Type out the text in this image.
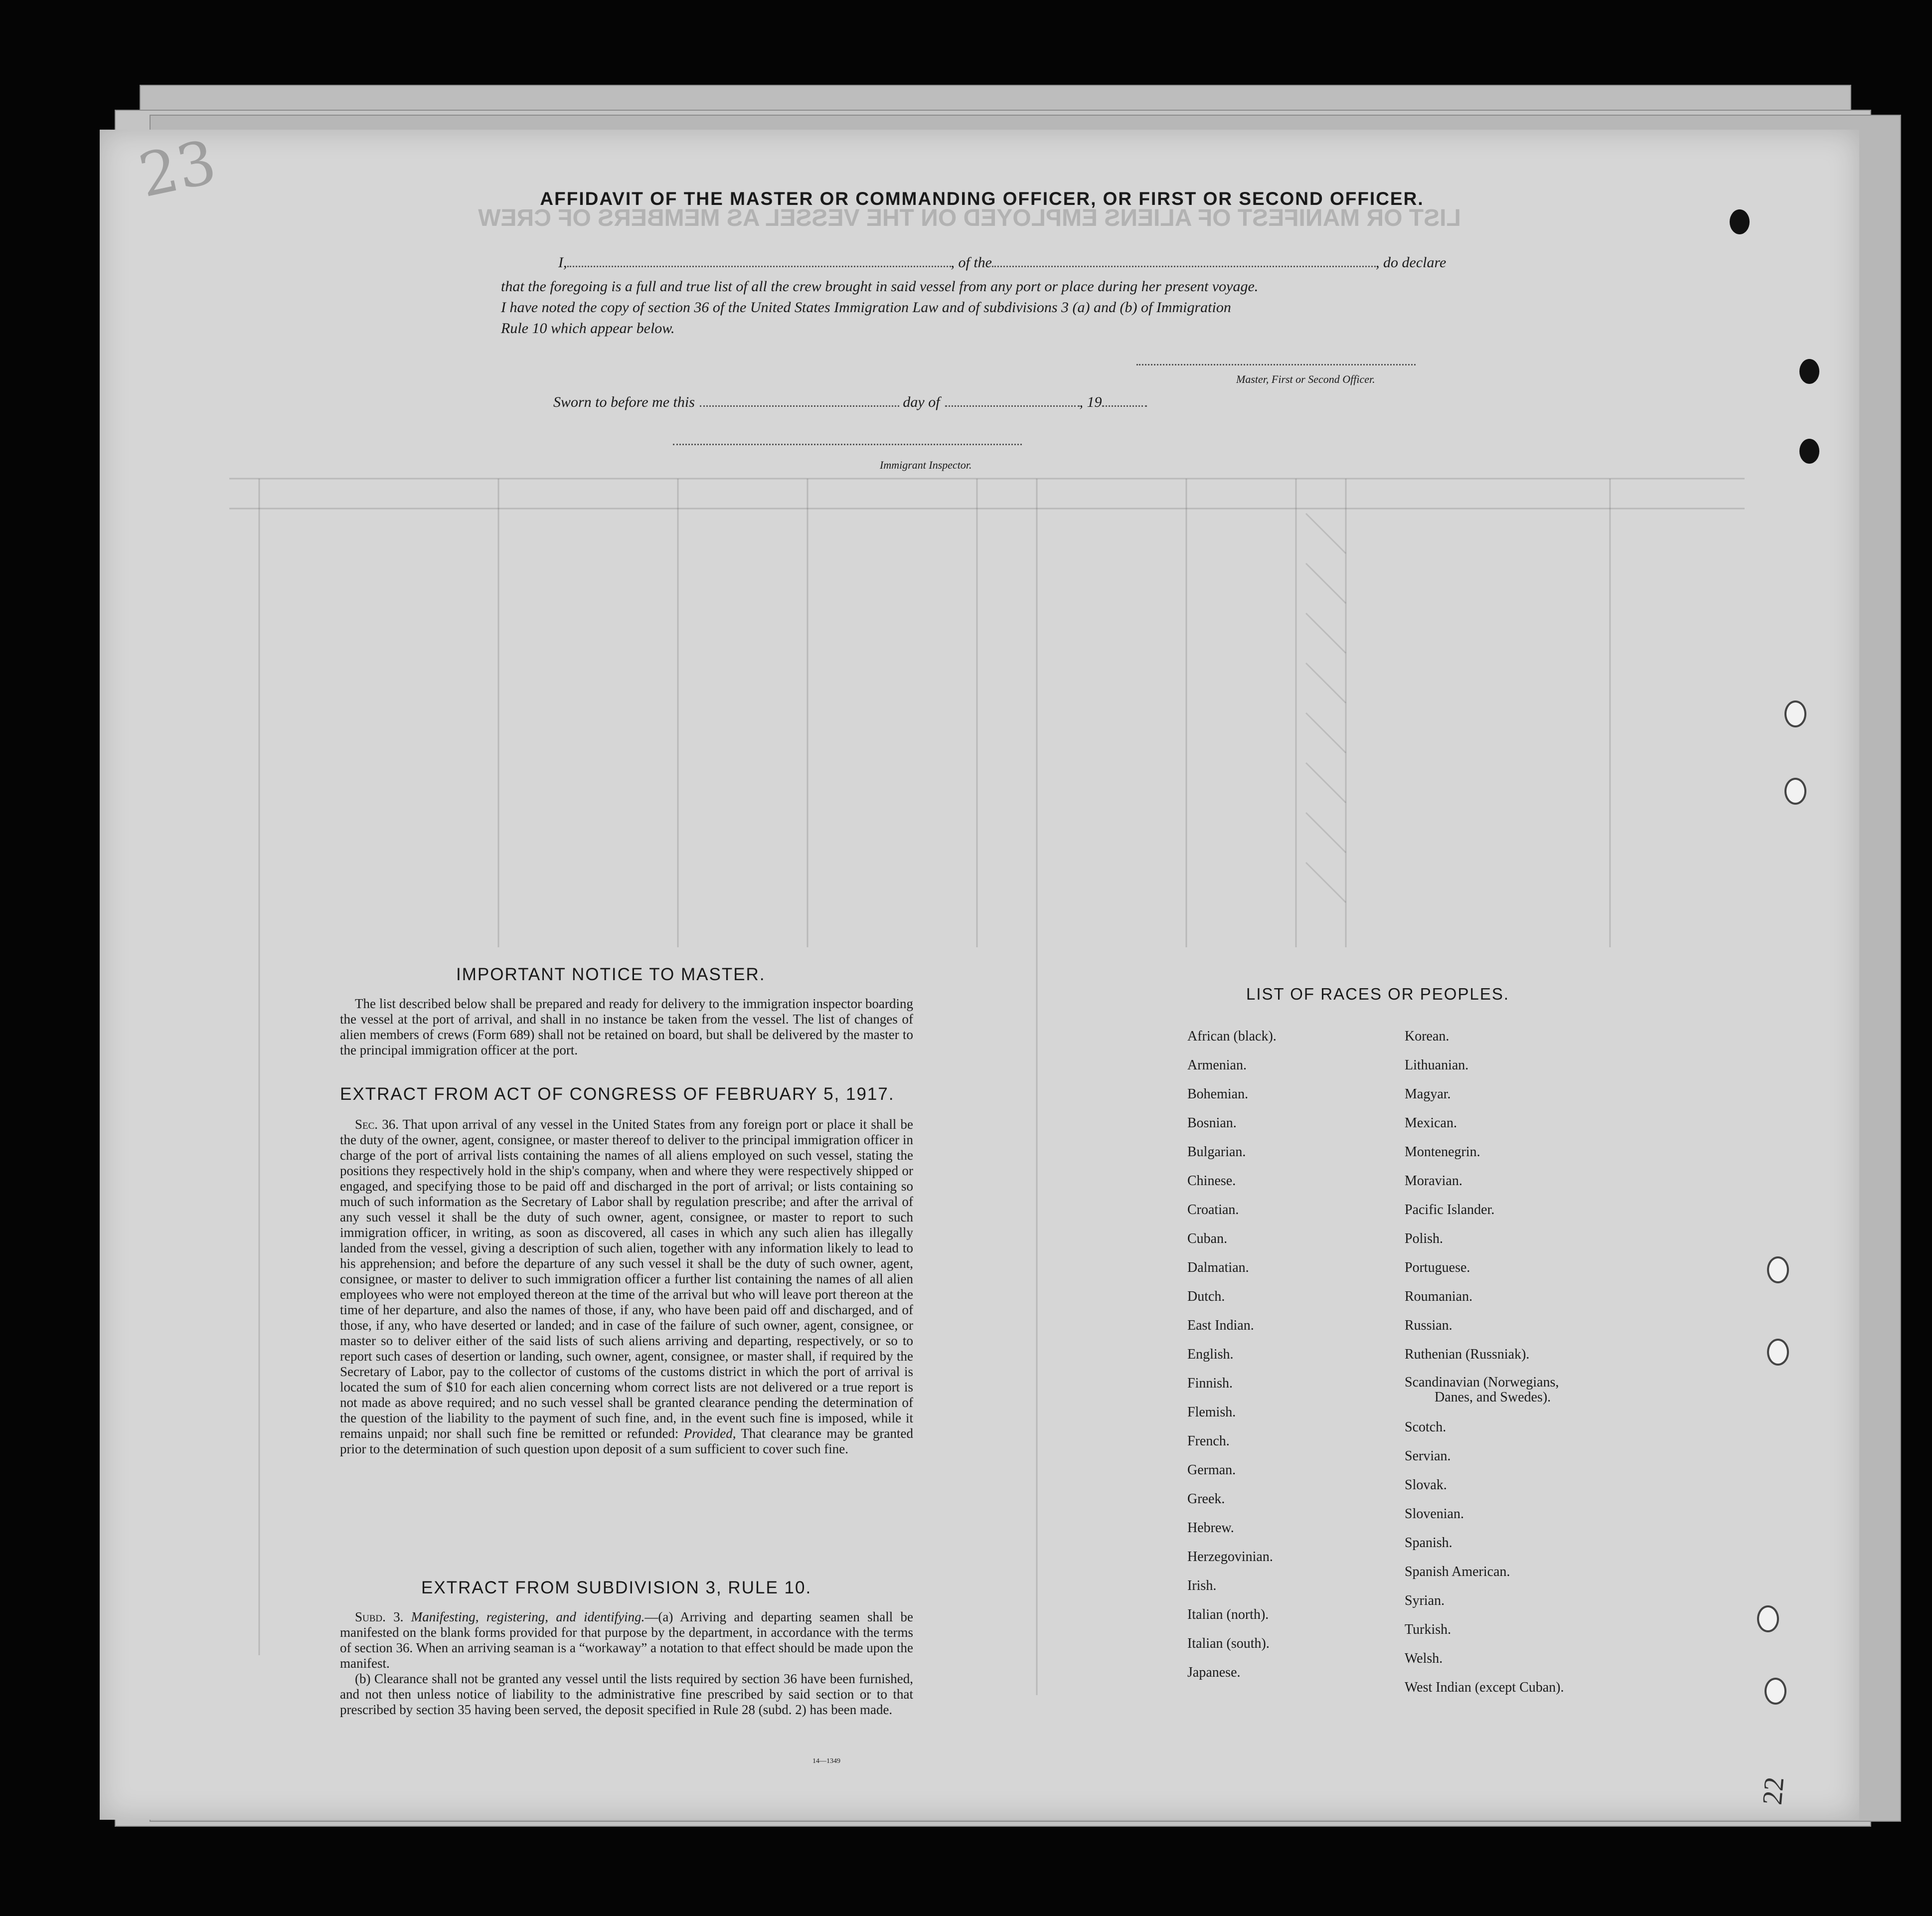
LIST OR MANIFEST OF ALIENS EMPLOYED ON THE VESSEL AS MEMBERS OF CREW
23
22
AFFIDAVIT OF THE MASTER OR COMMANDING OFFICER, OR FIRST OR SECOND OFFICER.
I,	, of the	, do declare
that the foregoing is a full and true list of all the crew brought in said vessel from any port or place during her present voyage.
I have noted the copy of section 36 of the United States Immigration Law and of subdivisions 3 (a) and (b) of Immigration
Rule 10 which appear below.
Master, First or Second Officer.
Sworn to before me this	day of	, 19
Immigrant Inspector.
IMPORTANT NOTICE TO MASTER.
The list described below shall be prepared and ready for delivery to the immigration inspector boarding the vessel at the port of arrival, and shall in no instance be taken from the vessel. The list of changes of alien members of crews (Form 689) shall not be retained on board, but shall be delivered by the master to the principal immigration officer at the port.
EXTRACT FROM ACT OF CONGRESS OF FEBRUARY 5, 1917.
Sec. 36. That upon arrival of any vessel in the United States from any foreign port or place it shall be the duty of the owner, agent, consignee, or master thereof to deliver to the principal immigration officer in charge of the port of arrival lists containing the names of all aliens employed on such vessel, stating the positions they respectively hold in the ship's company, when and where they were respectively shipped or engaged, and specifying those to be paid off and discharged in the port of arrival; or lists containing so much of such information as the Secretary of Labor shall by regulation prescribe; and after the arrival of any such vessel it shall be the duty of such owner, agent, consignee, or master to report to such immigration officer, in writing, as soon as discovered, all cases in which any such alien has illegally landed from the vessel, giving a description of such alien, together with any information likely to lead to his apprehension; and before the departure of any such vessel it shall be the duty of such owner, agent, consignee, or master to deliver to such immigration officer a further list containing the names of all alien employees who were not employed thereon at the time of the arrival but who will leave port thereon at the time of her departure, and also the names of those, if any, who have been paid off and discharged, and of those, if any, who have deserted or landed; and in case of the failure of such owner, agent, consignee, or master so to deliver either of the said lists of such aliens arriving and departing, respectively, or so to report such cases of desertion or landing, such owner, agent, consignee, or master shall, if required by the Secretary of Labor, pay to the collector of customs of the customs district in which the port of arrival is located the sum of $10 for each alien concerning whom correct lists are not delivered or a true report is not made as above required; and no such vessel shall be granted clearance pending the determination of the question of the liability to the payment of such fine, and, in the event such fine is imposed, while it remains unpaid; nor shall such fine be remitted or refunded: Provided, That clearance may be granted prior to the determination of such question upon deposit of a sum sufficient to cover such fine.
EXTRACT FROM SUBDIVISION 3, RULE 10.
Subd. 3. Manifesting, registering, and identifying.—(a) Arriving and departing seamen shall be manifested on the blank forms provided for that purpose by the department, in accordance with the terms of section 36. When an arriving seaman is a “workaway” a notation to that effect should be made upon the manifest.
(b) Clearance shall not be granted any vessel until the lists required by section 36 have been furnished, and not then unless notice of liability to the administrative fine prescribed by said section or to that prescribed by section 35 having been served, the deposit specified in Rule 28 (subd. 2) has been made.
14—1349
LIST OF RACES OR PEOPLES.
African (black).
Armenian.
Bohemian.
Bosnian.
Bulgarian.
Chinese.
Croatian.
Cuban.
Dalmatian.
Dutch.
East Indian.
English.
Finnish.
Flemish.
French.
German.
Greek.
Hebrew.
Herzegovinian.
Irish.
Italian (north).
Italian (south).
Japanese.
Korean.
Lithuanian.
Magyar.
Mexican.
Montenegrin.
Moravian.
Pacific Islander.
Polish.
Portuguese.
Roumanian.
Russian.
Ruthenian (Russniak).
Scandinavian (Norwegians,
Danes, and Swedes).
Scotch.
Servian.
Slovak.
Slovenian.
Spanish.
Spanish American.
Syrian.
Turkish.
Welsh.
West Indian (except Cuban).
